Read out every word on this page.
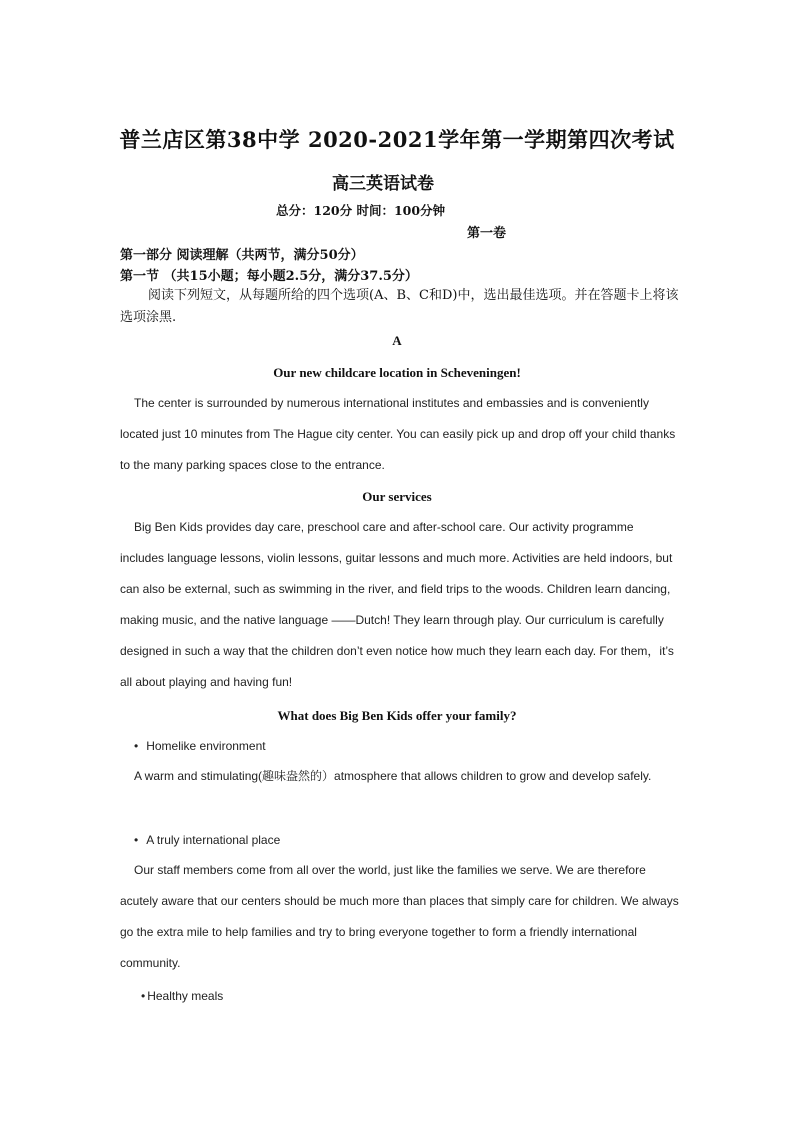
普兰店区第38中学 2020-2021学年第一学期第四次考试
高三英语试卷
总分：120分 时间：100分钟
第一卷
第一部分 阅读理解（共两节，满分50分）
第一节 （共15小题；每小题2.5分，满分37.5分）
阅读下列短文，从每题所给的四个选项(A、B、C和D)中，选出最佳选项。并在答题卡上将该选项涂黑.
A
Our new childcare location in Scheveningen!
The center is surrounded by numerous international institutes and embassies and is conveniently located just 10 minutes from The Hague city center. You can easily pick up and drop off your child thanks to the many parking spaces close to the entrance.
Our services
Big Ben Kids provides day care, preschool care and after-school care. Our activity programme includes language lessons, violin lessons, guitar lessons and much more. Activities are held indoors, but can also be external, such as swimming in the river, and field trips to the woods. Children learn dancing, making music, and the native language ——Dutch! They learn through play. Our curriculum is carefully designed in such a way that the children don’t even notice how much they learn each day. For them，it’s all about playing and having fun!
What does Big Ben Kids offer your family?
• Homelike environment
A warm and stimulating(趣味盎然的）atmosphere that allows children to grow and develop safely.
• A truly international place
Our staff members come from all over the world, just like the families we serve. We are therefore acutely aware that our centers should be much more than places that simply care for children. We always go the extra mile to help families and try to bring everyone together to form a friendly international community.
• Healthy meals
